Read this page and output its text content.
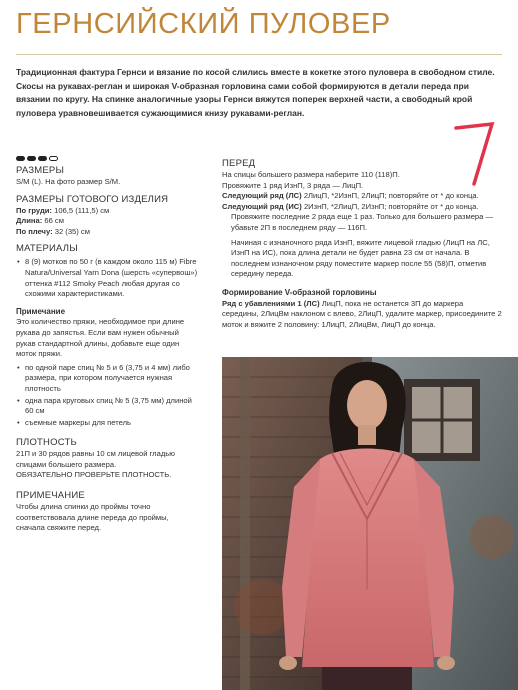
ГЕРНСИЙСКИЙ ПУЛОВЕР

Традиционная фактура Гернси и вязание по косой слились вместе в кокетке этого пуловера в свободном стиле. Скосы на рукавах-реглан и широкая V-образная горловина сами собой формируются в детали переда при вязании по кругу. На спинке аналогичные узоры Гернси вяжутся поперек верхней части, а свободный крой пуловера уравновешивается сужающимися книзу рукавами-реглан.

РАЗМЕРЫ

S/M (L). На фото размер S/M.

РАЗМЕРЫ ГОТОВОГО ИЗДЕЛИЯ

По груди: 106,5 (111,5) см

Длина: 66 см

По плечу: 32 (35) см

МАТЕРИАЛЫ
• 8 (9) мотков по 50 г (в каждом около 115 м) Fibre Natura/Universal Yarn Dona (шерсть «супервош») оттенка #112 Smoky Peach любая другая со схожими характеристиками.
Примечание

Это количество пряжи, необходимое при длине рукава до запястья. Если вам нужен обычный рукав стандартной длины, добавьте еще один моток пряжи.

• по одной паре спиц № 5 и 6 (3,75 и 4 мм) либо размера, при котором получается нужная плотность
• одна пара круговых спиц № 5 (3,75 мм) длиной 60 см
• съемные маркеры для петель
ПЛОТНОСТЬ

21П и 30 рядов равны 10 см лицевой гладью спицами большего размера.

ОБЯЗАТЕЛЬНО ПРОВЕРЬТЕ ПЛОТНОСТЬ.

ПРИМЕЧАНИЕ

Чтобы длина спинки до проймы точно соответствовала длине переда до проймы, сначала свяжите перед.

ПЕРЕД

На спицы большего размера наберите 110 (118)П.

Провяжите 1 ряд ИзнП, 3 ряда — ЛицП.

Следующий ряд (ЛС) 2ЛицП, *2ИзнП, 2ЛицП; повторяйте от * до конца.

Следующий ряд (ИС) 2ИзнП, *2ЛицП, 2ИзнП; повторяйте от * до конца.

Провяжите последние 2 ряда еще 1 раз. Только для большего размера — убавьте 2П в последнем ряду — 116П.

Начиная с изнаночного ряда ИзнП, вяжите лицевой гладью (ЛицП на ЛС, ИзнП на ИС), пока длина детали не будет равна 23 см от начала. В последнем изнаночном ряду поместите маркер после 55 (58)П, отметив середину переда.

Формирование V-образной горловины

Ряд с убавлениями 1 (ЛС) ЛицП, пока не останется 3П до маркера середины, 2ЛицВм наклоном с влево, 2ЛицП, удалите маркер, присоедините 2 моток и вяжите 2 половину: 1ЛицП, 2ЛицВм, ЛицП до конца.
